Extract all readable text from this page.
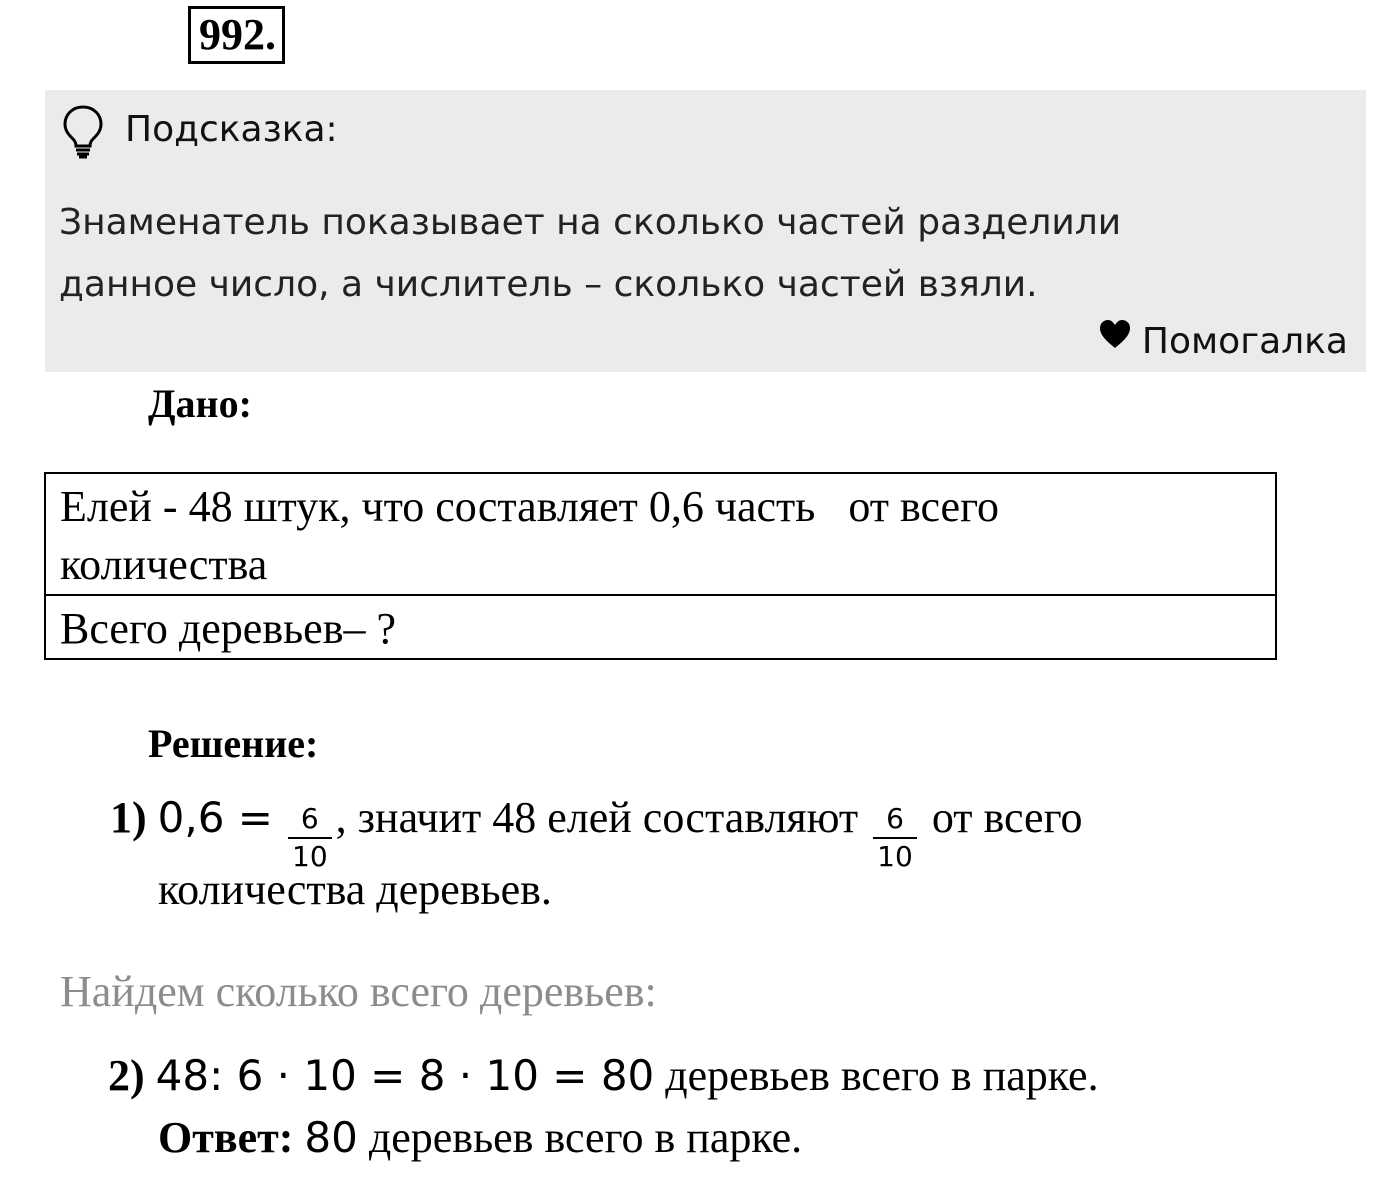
992.
Подсказка:
Знаменатель показывает на сколько частей разделили
данное число, а числитель – сколько частей взяли.
Помогалка
Дано:
Елей - 48 штук, что составляет 0,6 часть   от всего
количества
Всего деревьев– ?
Решение:
1) $0,6 = \frac{6}{10}$ , значит 48 елей составляют $\frac{6}{10}$ от всего
количества деревьев.
Найдем сколько всего деревьев:
2) 48: 6 · 10 = 8 · 10 = 80 деревьев всего в парке.
Ответ: 80 деревьев всего в парке.
